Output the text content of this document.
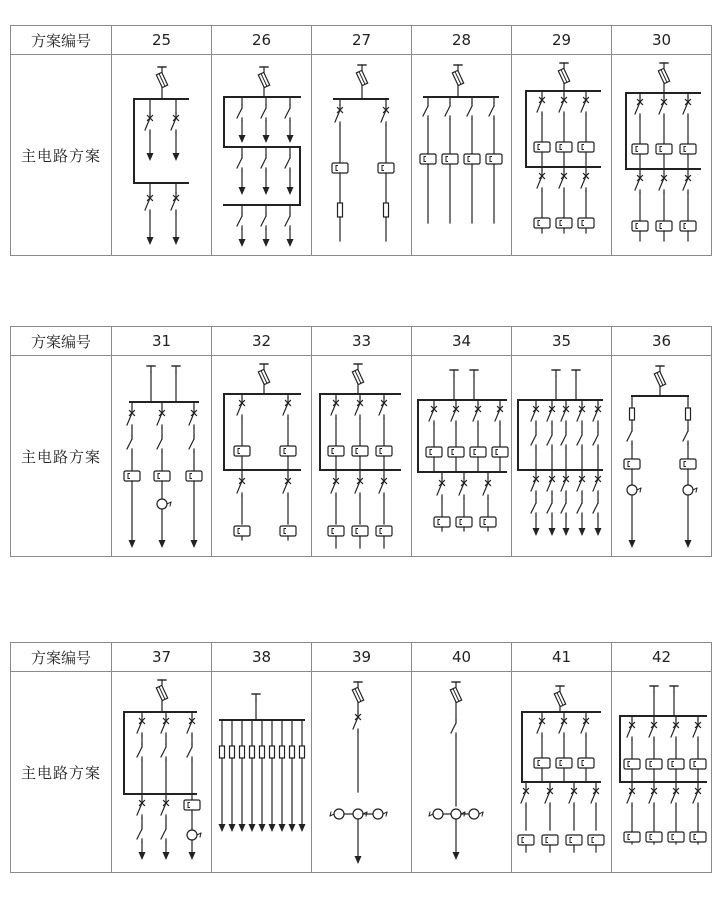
方案编号	25	26	27	28	29	30
主电路方案	

方案编号	31	32	33	34	35	36
主电路方案	

方案编号	37	38	39	40	41	42
主电路方案	
